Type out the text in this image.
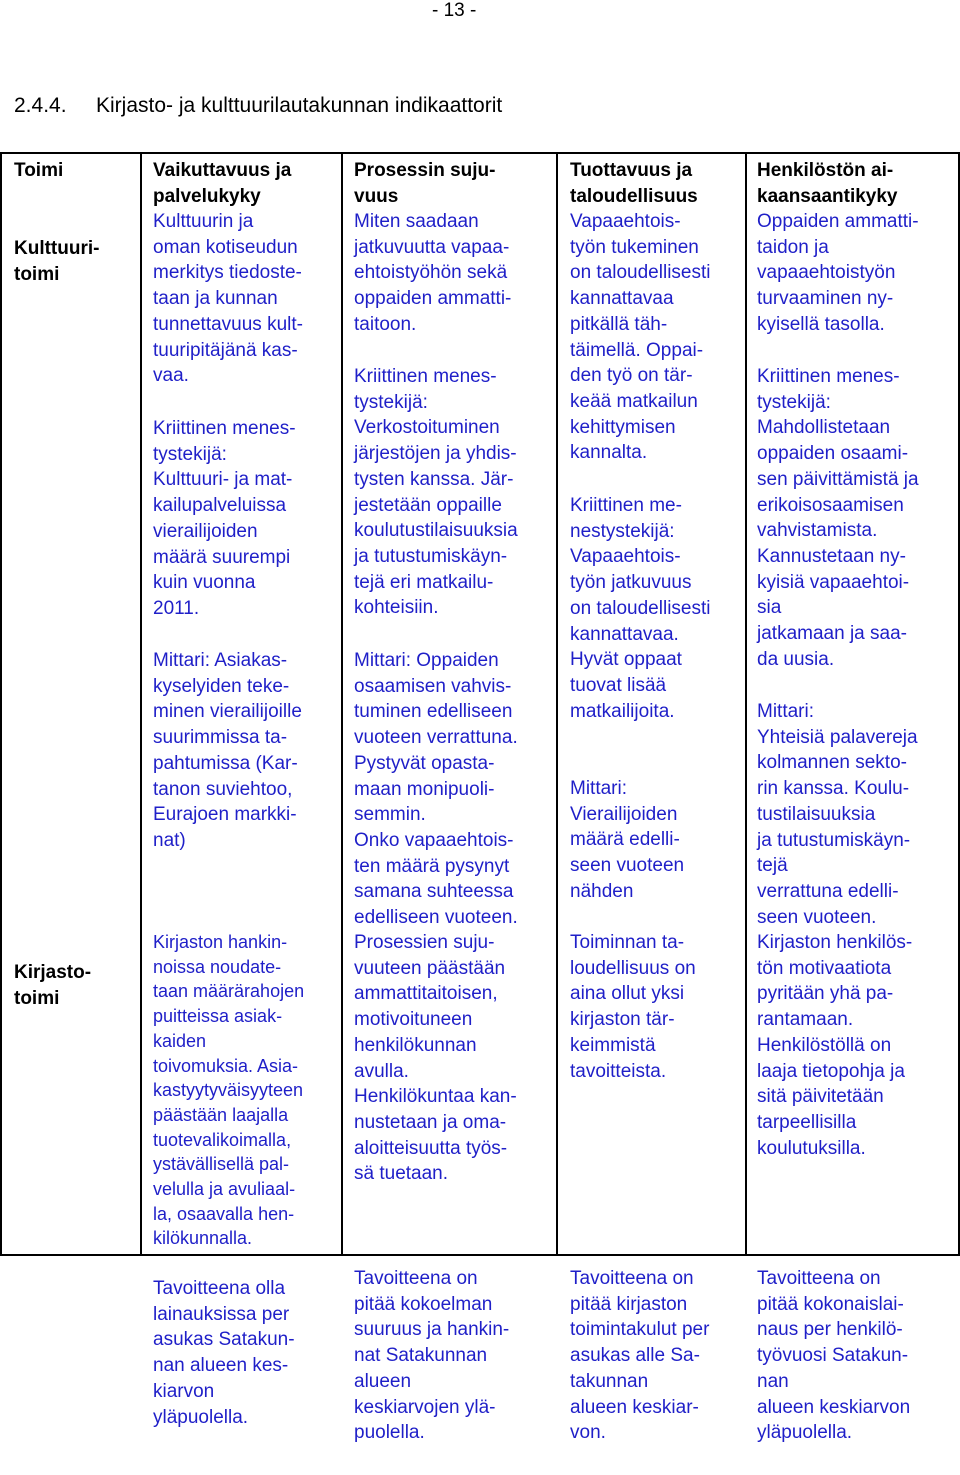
- 13 -
2.4.4. Kirjasto- ja kulttuurilautakunnan indikaattorit
Toimi	Vaikuttavuus ja
palvelukyky
Prosessin suju-
vuus
Tuottavuus ja
taloudellisuus
Henkilöstön ai-
kaansaantikyky
Kulttuuri-
toimi
Kirjasto-
toimi

Kulttuurin ja
oman kotiseudun
merkitys tiedoste-
taan ja kunnan
tunnettavuus kult-
tuuripitäjänä kas-
vaa.

Kriittinen menes-
tystekijä:
Kulttuuri- ja mat-
kailupalveluissa
vierailijoiden
määrä suurempi
kuin vuonna
2011.

Mittari: Asiakas-
kyselyiden teke-
minen vierailijoille
suurimmissa ta-
pahtumissa (Kar-
tanon suviehtoo,
Eurajoen markki-
nat)

Miten saadaan
jatkuvuutta vapaa-
ehtoistyöhön sekä
oppaiden ammatti-
taitoon.

Kriittinen menes-
tystekijä:
Verkostoituminen
järjestöjen ja yhdis-
tysten kanssa. Jär-
jestetään oppaille
koulutustilaisuuksia
ja tutustumiskäyn-
tejä eri matkailu-
kohteisiin.

Mittari: Oppaiden
osaamisen vahvis-
tuminen edelliseen
vuoteen verrattuna.
Pystyvät opasta-
maan monipuoli-
semmin.
Onko vapaaehtois-
ten määrä pysynyt
samana suhteessa
edelliseen vuoteen.

Vapaaehtois-
työn tukeminen
on taloudellisesti
kannattavaa
pitkällä täh-
täimellä. Oppai-
den työ on tär-
keää matkailun
kehittymisen
kannalta.

Kriittinen me-
nestystekijä:
Vapaaehtois-
työn jatkuvuus
on taloudellisesti
kannattavaa.
Hyvät oppaat
tuovat lisää
matkailijoita.

Mittari:
Vierailijoiden
määrä edelli-
seen vuoteen
nähden

Oppaiden ammatti-
taidon ja
vapaaehtoistyön
turvaaminen ny-
kyisellä tasolla.

Kriittinen menes-
tystekijä:
Mahdollistetaan
oppaiden osaami-
sen päivittämistä ja
erikoisosaamisen
vahvistamista.
Kannustetaan ny-
kyisiä vapaaehtoi-
sia
jatkamaan ja saa-
da uusia.

Mittari:
Yhteisiä palavereja
kolmannen sekto-
rin kanssa. Koulu-
tustilaisuuksia
ja tutustumiskäyn-
tejä
verrattuna edelli-
seen vuoteen.

Kirjaston hankin-
noissa noudate-
taan määrärahojen
puitteissa asiak-
kaiden
toivomuksia. Asia-
kastyytyväisyyteen
päästään laajalla
tuotevalikoimalla,
ystävällisellä pal-
velulla ja avuliaal-
la, osaavalla hen-
kilökunnalla.

Prosessien suju-
vuuteen päästään
ammattitaitoisen,
motivoituneen
henkilökunnan
avulla.
Henkilökuntaa kan-
nustetaan ja oma-
aloitteisuutta työs-
sä tuetaan.

Toiminnan ta-
loudellisuus on
aina ollut yksi
kirjaston tär-
keimmistä
tavoitteista.

Kirjaston henkilös-
tön motivaatiota
pyritään yhä pa-
rantamaan.
Henkilöstöllä on
laaja tietopohja ja
sitä päivitetään
tarpeellisilla
koulutuksilla.

Tavoitteena olla
lainauksissa per
asukas Satakun-
nan alueen kes-
kiarvon
yläpuolella.

Tavoitteena on
pitää kokoelman
suuruus ja hankin-
nat Satakunnan
alueen
keskiarvojen ylä-
puolella.

Tavoitteena on
pitää kirjaston
toimintakulut per
asukas alle Sa-
takunnan
alueen keskiar-
von.

Tavoitteena on
pitää kokonaislai-
naus per henkilö-
työvuosi Satakun-
nan
alueen keskiarvon
yläpuolella.
